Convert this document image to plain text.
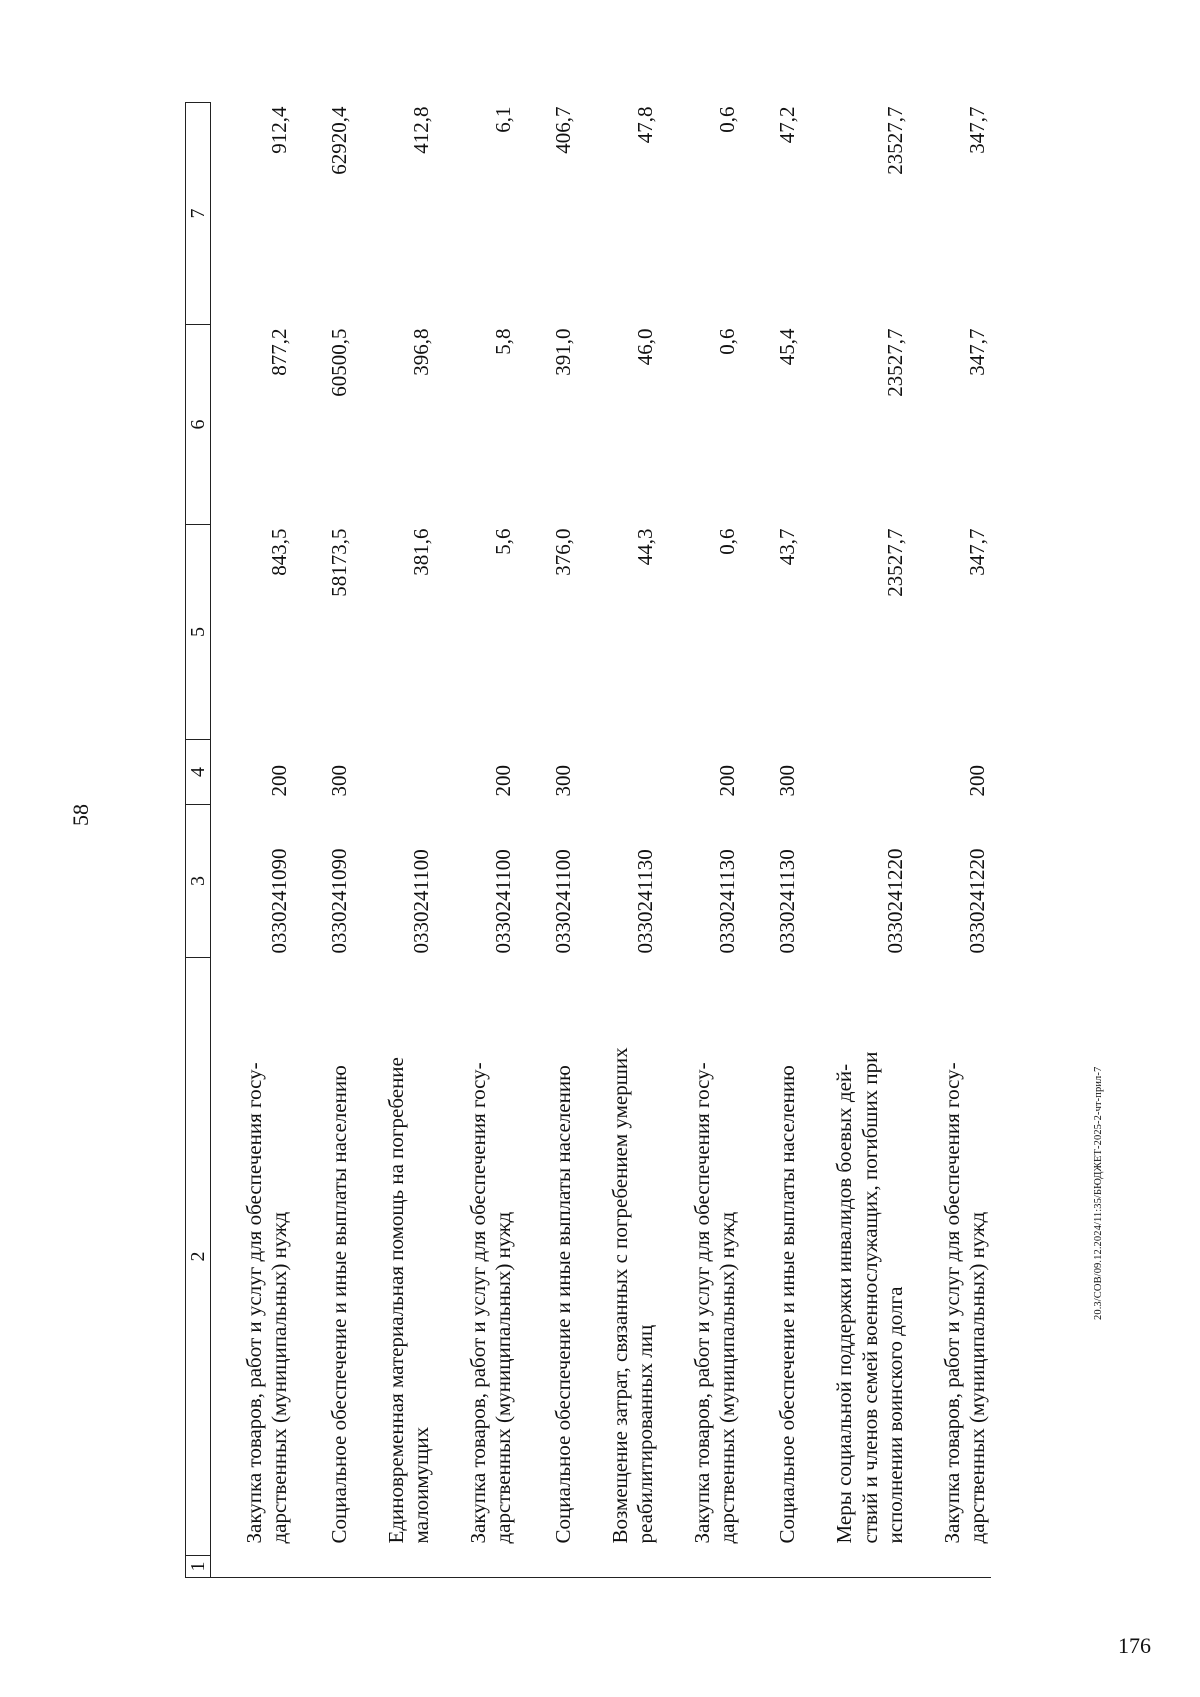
58
1	2	3	4	5	6	7

	Закупка товаров, работ и услуг для обеспечения госу- дарственных (муниципальных) нужд	0330241090	200	843,5	877,2	912,4

	Социальное обеспечение и иные выплаты населению	0330241090	300	58173,5	60500,5	62920,4

	Единовременная материальная помощь на погребение малоимущих	0330241100		381,6	396,8	412,8

	Закупка товаров, работ и услуг для обеспечения госу- дарственных (муниципальных) нужд	0330241100	200	5,6	5,8	6,1

	Социальное обеспечение и иные выплаты населению	0330241100	300	376,0	391,0	406,7

	Возмещение затрат, связанных с погребением умерших реабилитированных лиц	0330241130		44,3	46,0	47,8

	Закупка товаров, работ и услуг для обеспечения госу- дарственных (муниципальных) нужд	0330241130	200	0,6	0,6	0,6

	Социальное обеспечение и иные выплаты населению	0330241130	300	43,7	45,4	47,2

	Меры социальной поддержки инвалидов боевых дей- ствий и членов семей военнослужащих, погибших при исполнении воинского долга	0330241220		23527,7	23527,7	23527,7

	Закупка товаров, работ и услуг для обеспечения госу- дарственных (муниципальных) нужд	0330241220	200	347,7	347,7	347,7
20.3/СОВ/09.12.2024/11:35/БЮДЖЕТ-2025-2-чт-прил-7
176
